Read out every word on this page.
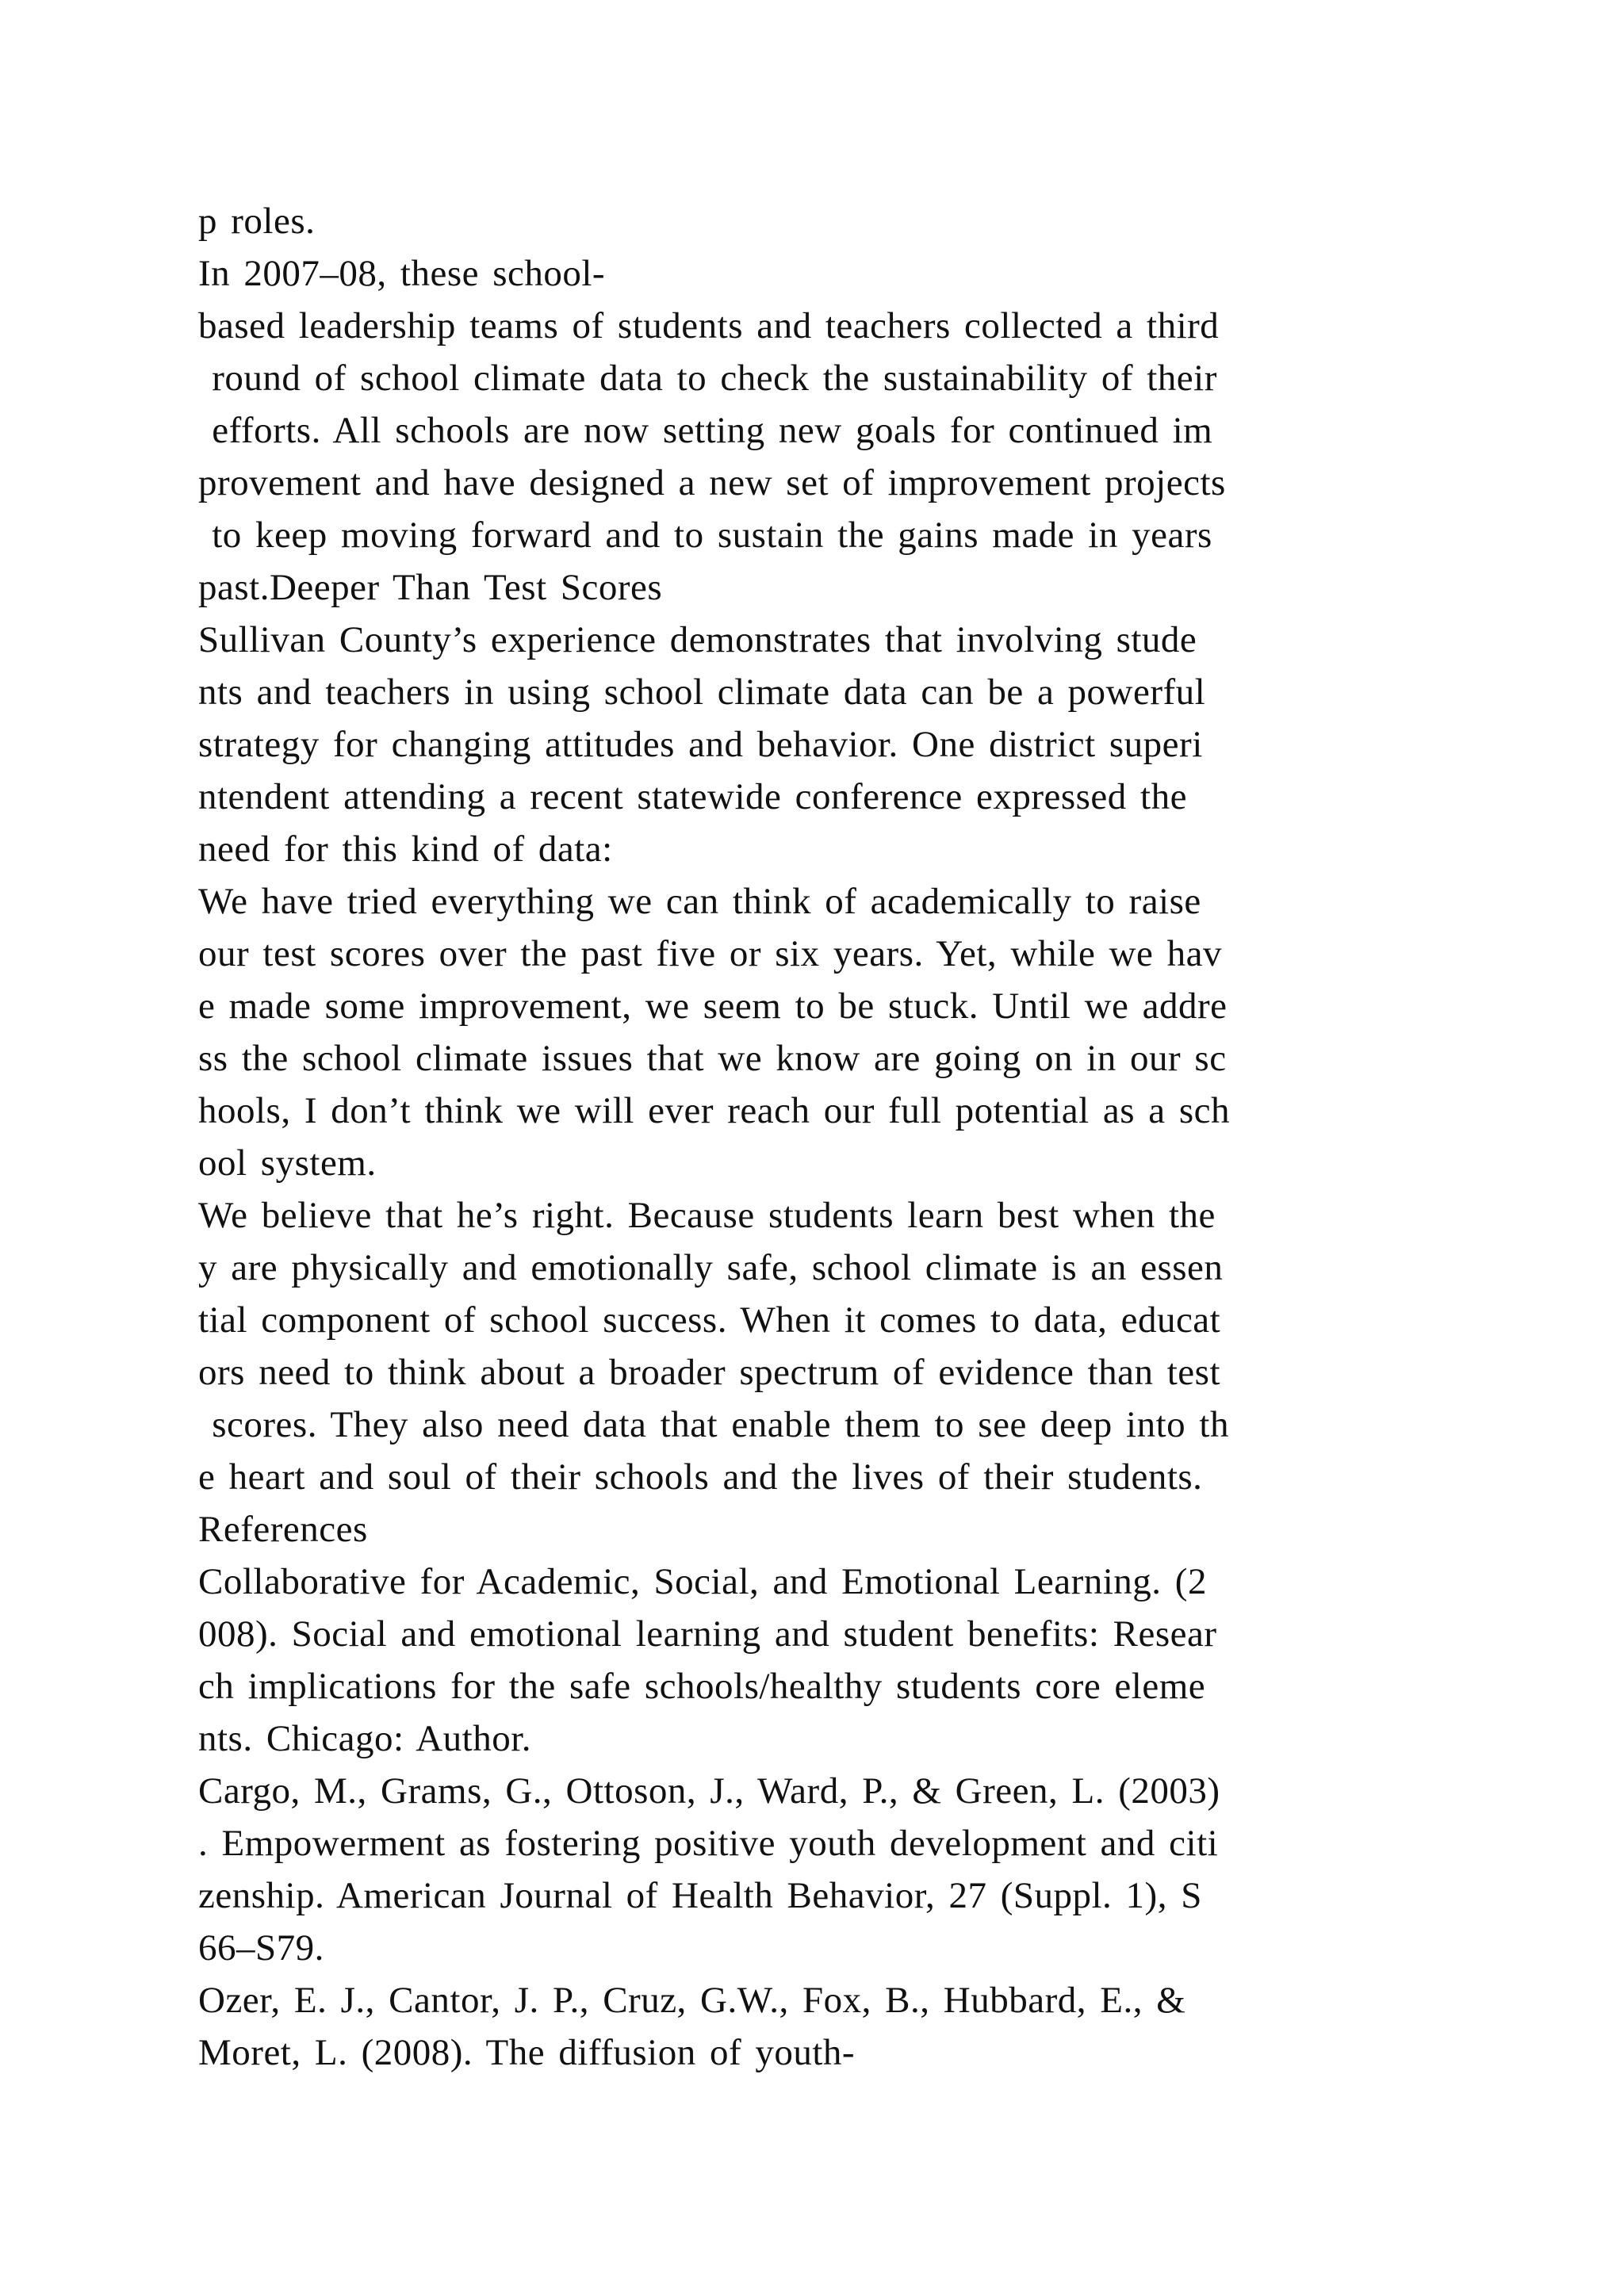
p roles.
In 2007–08, these school-
based leadership teams of students and teachers collected a third
round of school climate data to check the sustainability of their
efforts. All schools are now setting new goals for continued im
provement and have designed a new set of improvement projects
to keep moving forward and to sustain the gains made in years
past.Deeper Than Test Scores
Sullivan County’s experience demonstrates that involving stude
nts and teachers in using school climate data can be a powerful
strategy for changing attitudes and behavior. One district superi
ntendent attending a recent statewide conference expressed the
need for this kind of data:
We have tried everything we can think of academically to raise
our test scores over the past five or six years. Yet, while we hav
e made some improvement, we seem to be stuck. Until we addre
ss the school climate issues that we know are going on in our sc
hools, I don’t think we will ever reach our full potential as a sch
ool system.
We believe that he’s right. Because students learn best when the
y are physically and emotionally safe, school climate is an essen
tial component of school success. When it comes to data, educat
ors need to think about a broader spectrum of evidence than test
scores. They also need data that enable them to see deep into th
e heart and soul of their schools and the lives of their students.
References
Collaborative for Academic, Social, and Emotional Learning. (2
008). Social and emotional learning and student benefits: Resear
ch implications for the safe schools/healthy students core eleme
nts. Chicago: Author.
Cargo, M., Grams, G., Ottoson, J., Ward, P., & Green, L. (2003)
. Empowerment as fostering positive youth development and citi
zenship. American Journal of Health Behavior, 27 (Suppl. 1), S
66–S79.
Ozer, E. J., Cantor, J. P., Cruz, G.W., Fox, B., Hubbard, E., &
Moret, L. (2008). The diffusion of youth-
